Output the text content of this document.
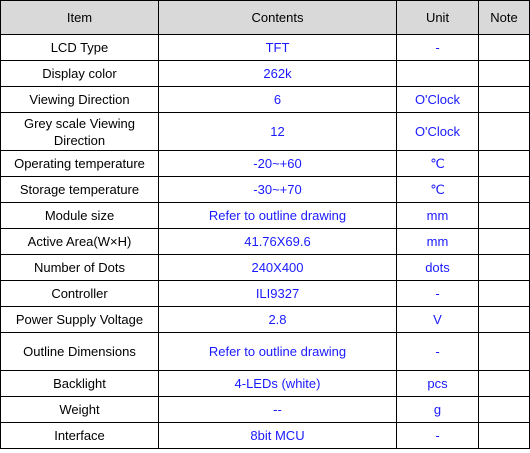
Item	Contents	Unit	Note
LCD Type	TFT	-	
Display color	262k		
Viewing Direction	6	O'Clock	
Grey scale Viewing Direction	12	O'Clock	
Operating temperature	-20~+60	℃	
Storage temperature	-30~+70	℃	
Module size	Refer to outline drawing	mm	
Active Area(W×H)	41.76X69.6	mm	
Number of Dots	240X400	dots	
Controller	ILI9327	-	
Power Supply Voltage	2.8	V	
Outline Dimensions	Refer to outline drawing	-	
Backlight	4-LEDs (white)	pcs	
Weight	--	g	
Interface	8bit MCU	-	
